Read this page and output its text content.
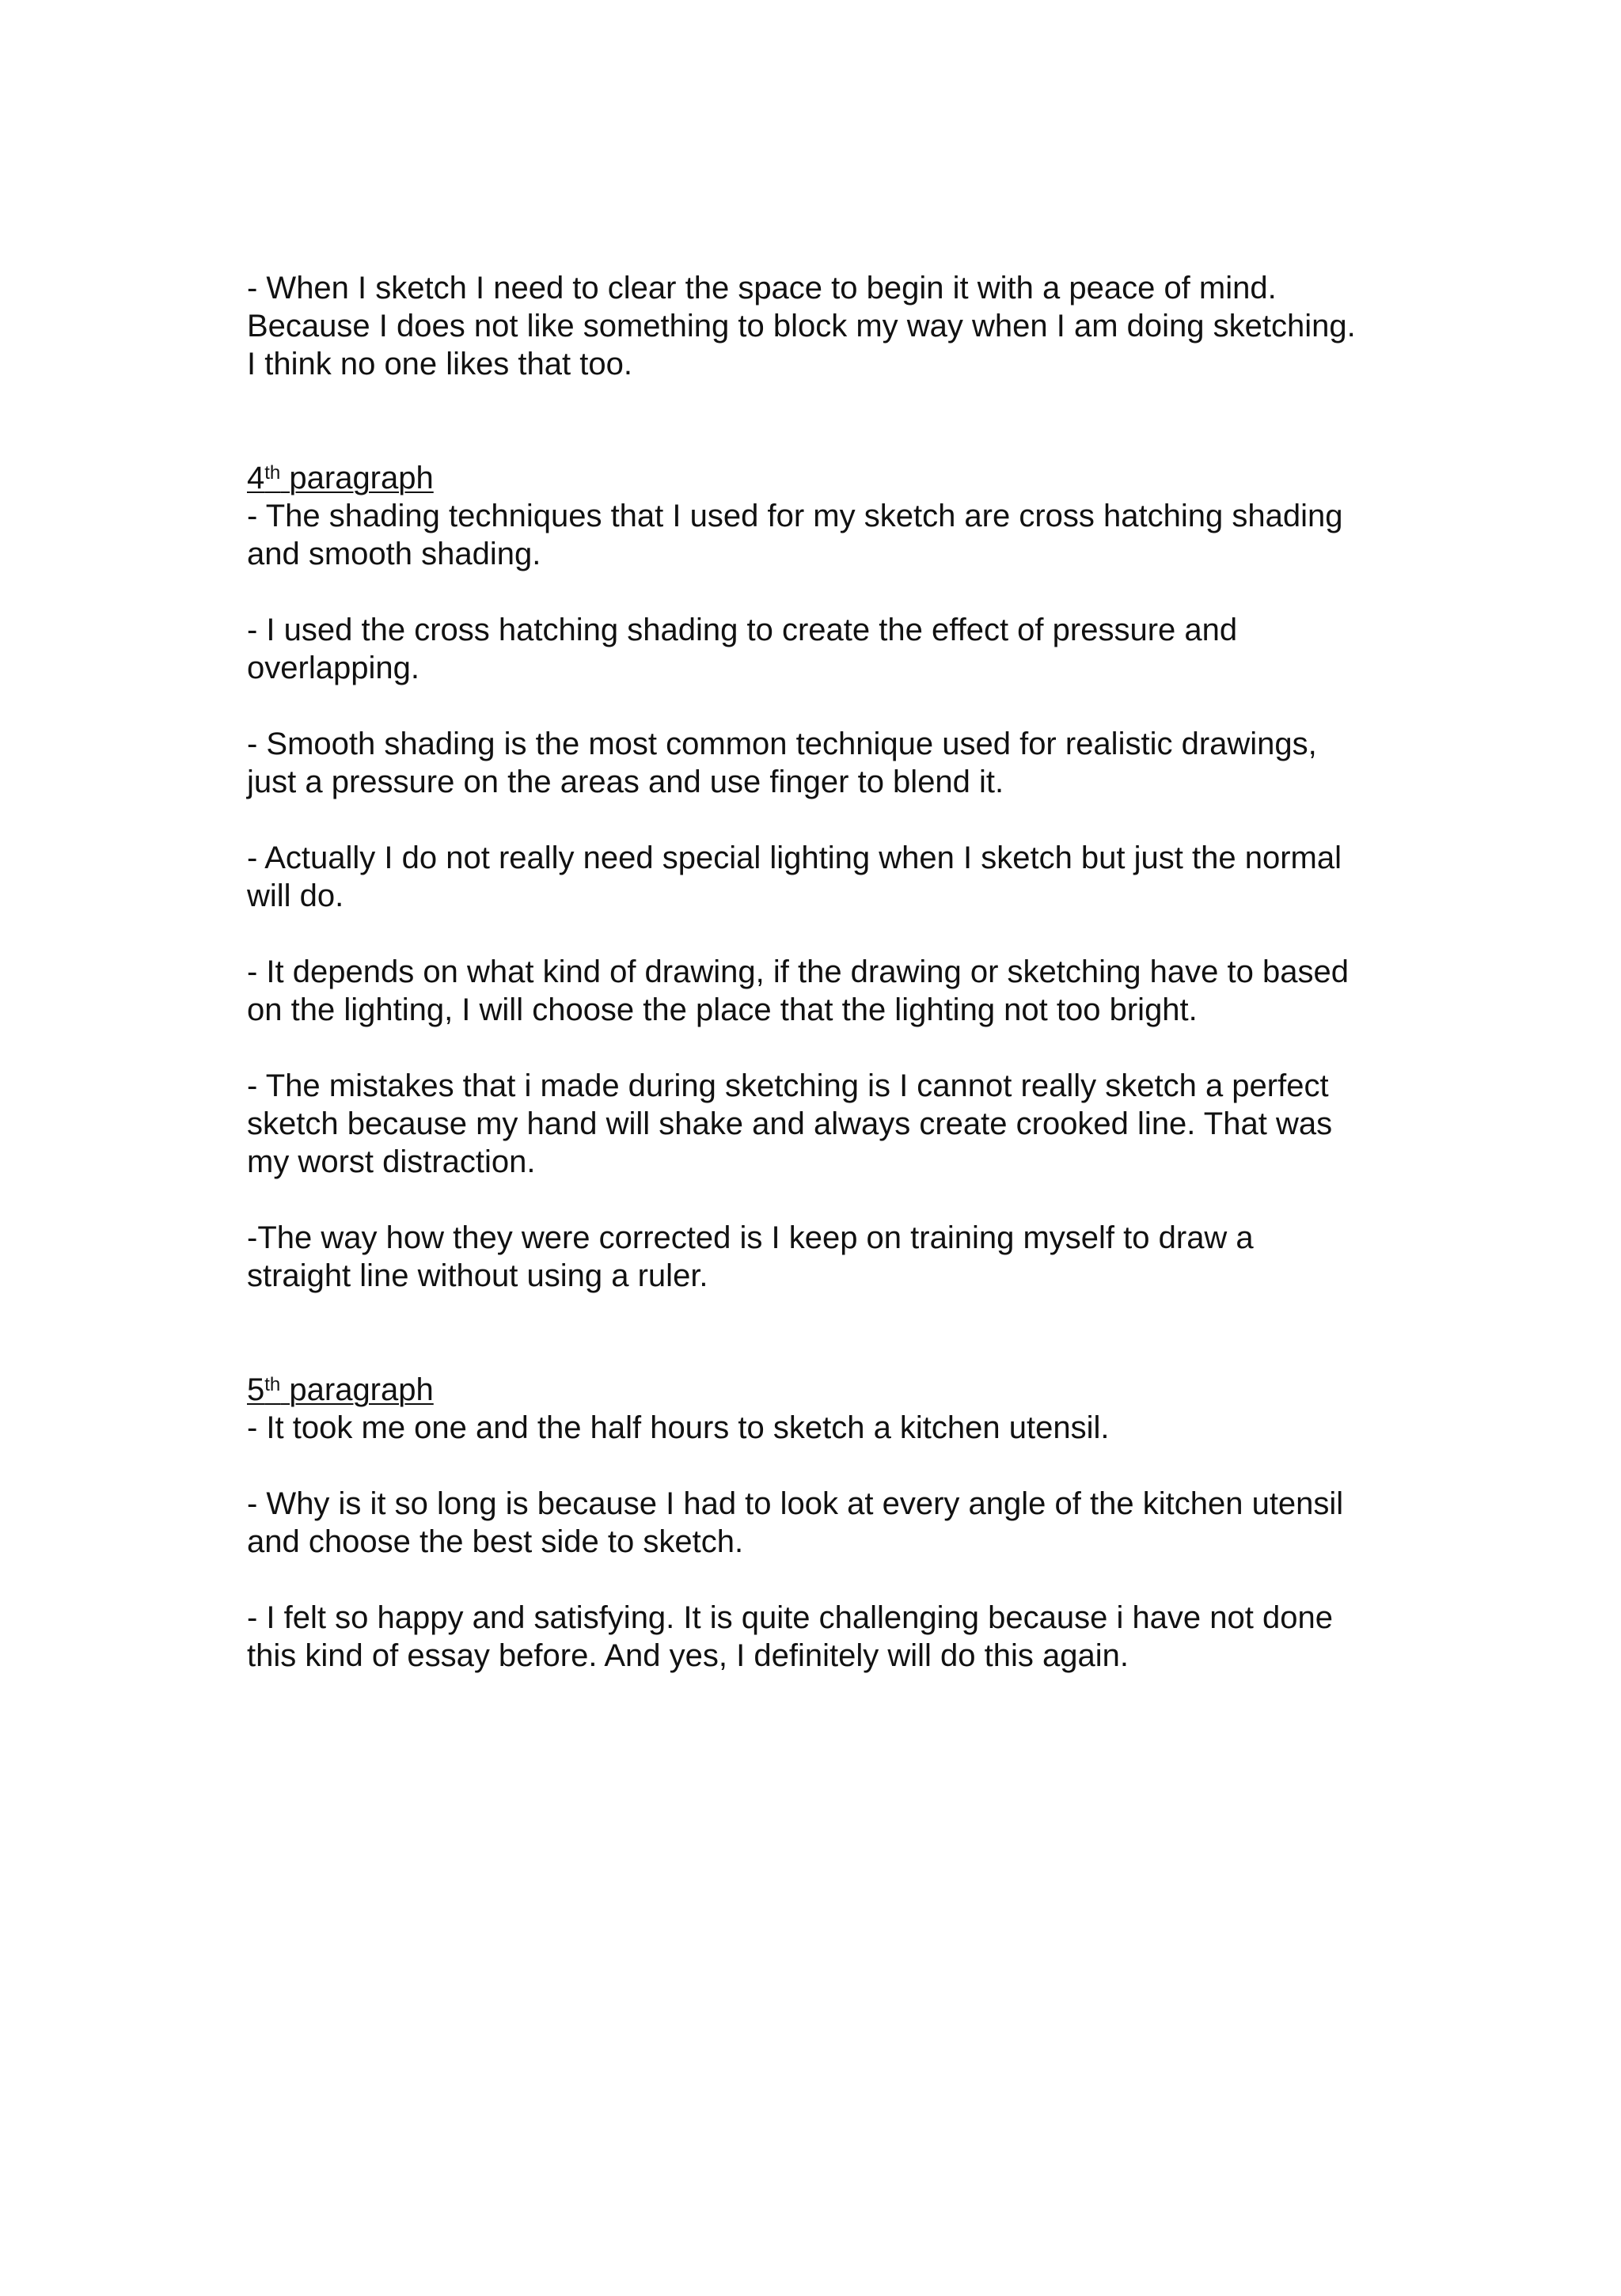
- When I sketch I need to clear the space to begin it with a peace of mind.
Because I does not like something to block my way when I am doing sketching.
I think no one likes that too.

4th paragraph

- The shading techniques that I used for my sketch are cross hatching shading
and smooth shading.

- I used the cross hatching shading to create the effect of pressure and
overlapping.

- Smooth shading is the most common technique used for realistic drawings,
just a pressure on the areas and use finger to blend it.

- Actually I do not really need special lighting when I sketch but just the normal
will do.

- It depends on what kind of drawing, if the drawing or sketching have to based
on the lighting, I will choose the place that the lighting not too bright.

- The mistakes that i made during sketching is I cannot really sketch a perfect
sketch because my hand will shake and always create crooked line. That was
my worst distraction.

-The way how they were corrected is I keep on training myself to draw a
straight line without using a ruler.

5th paragraph

- It took me one and the half hours to sketch a kitchen utensil.

- Why is it so long is because I had to look at every angle of the kitchen utensil
and choose the best side to sketch.

- I felt so happy and satisfying. It is quite challenging because i have not done
this kind of essay before. And yes, I definitely will do this again.
